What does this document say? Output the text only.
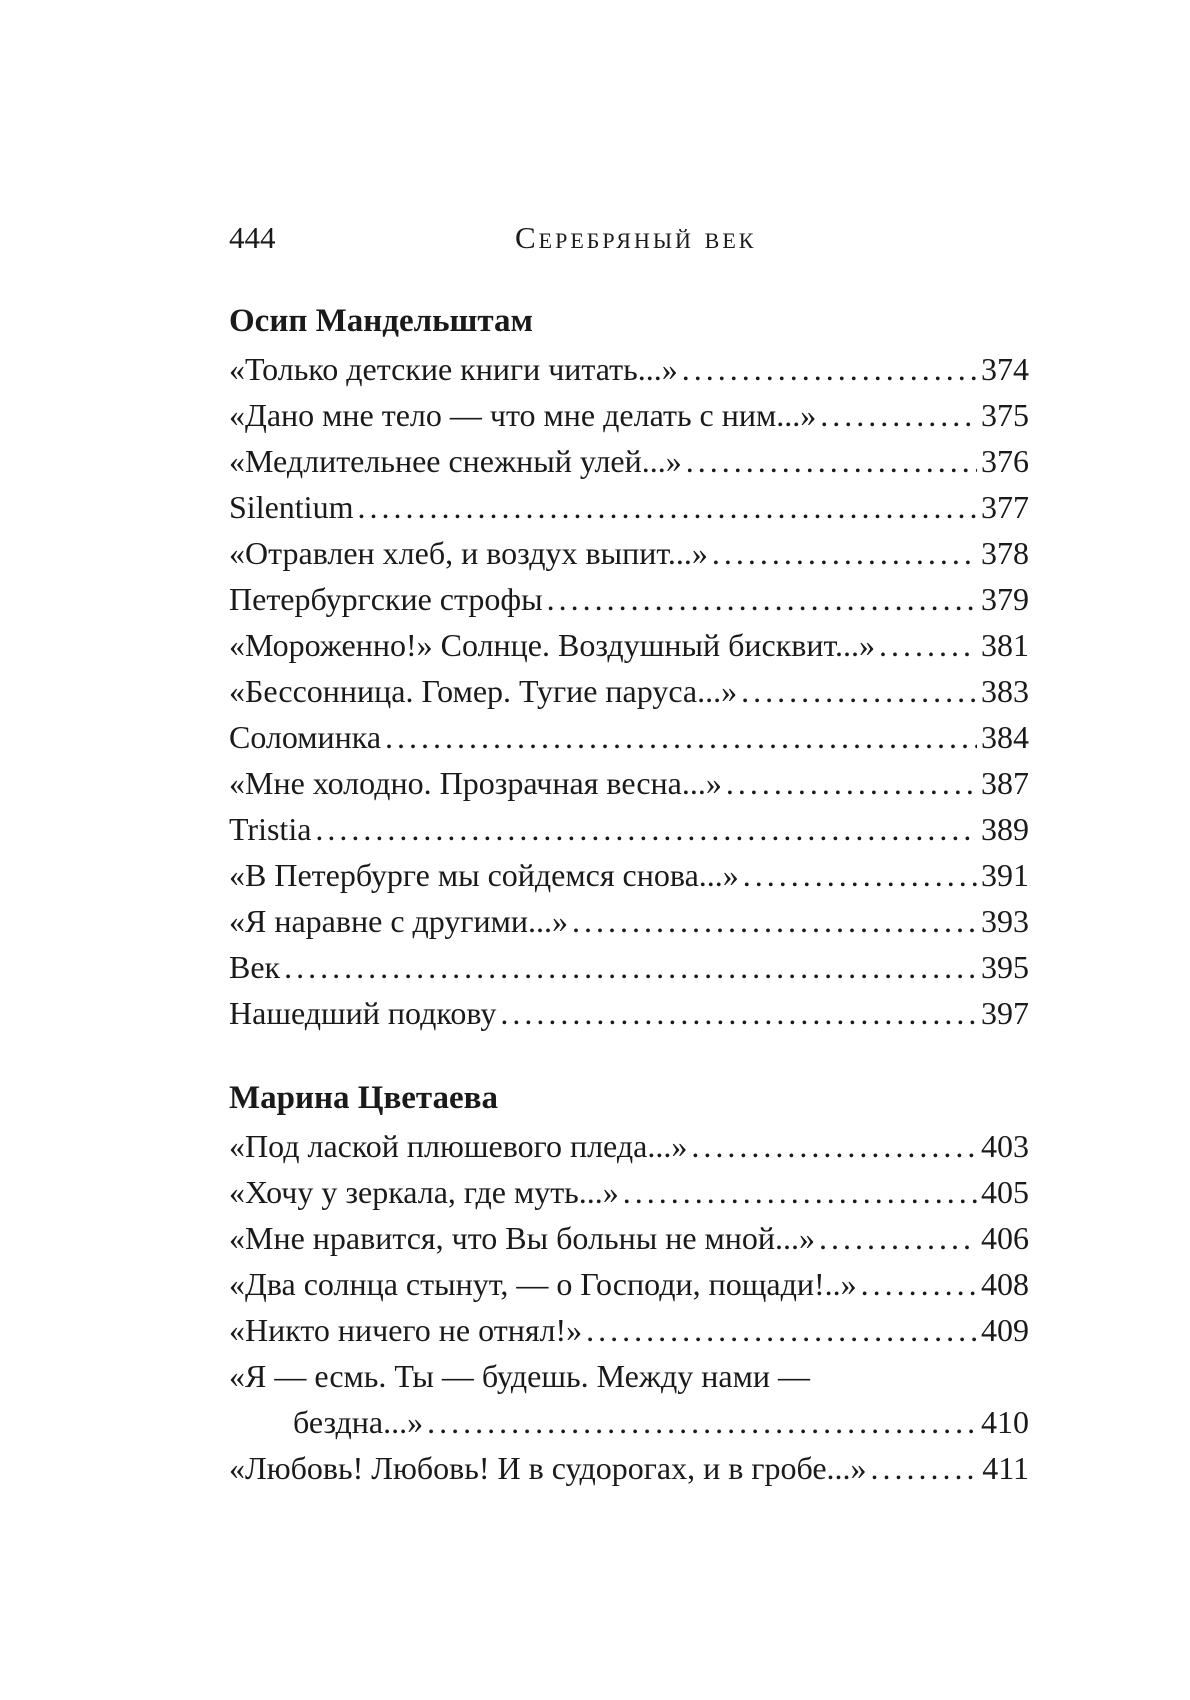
444	Серебряный век
Осип Мандельштам
«Только детские книги читать...» . . .	374
«Дано мне тело — что мне делать с ним...» . . .	375
«Медлительнее снежный улей...» . . .	376
Silentium . . .	377
«Отравлен хлеб, и воздух выпит...» . . .	378
Петербургские строфы . . .	379
«Мороженно!» Солнце. Воздушный бисквит...» . . .	381
«Бессонница. Гомер. Тугие паруса...» . . .	383
Соломинка . . .	384
«Мне холодно. Прозрачная весна...» . . .	387
Tristia . . .	389
«В Петербурге мы сойдемся снова...» . . .	391
«Я наравне с другими...» . . .	393
Век . . .	395
Нашедший подкову . . .	397
Марина Цветаева
«Под лаской плюшевого пледа...» . . .	403
«Хочу у зеркала, где муть...» . . .	405
«Мне нравится, что Вы больны не мной...» . . .	406
«Два солнца стынут, — о Господи, пощади!..» . . .	408
«Никто ничего не отнял!» . . .	409
«Я — есмь. Ты — будешь. Между нами —
бездна...» . . .	410
«Любовь! Любовь! И в судорогах, и в гробе...» . . .	411
